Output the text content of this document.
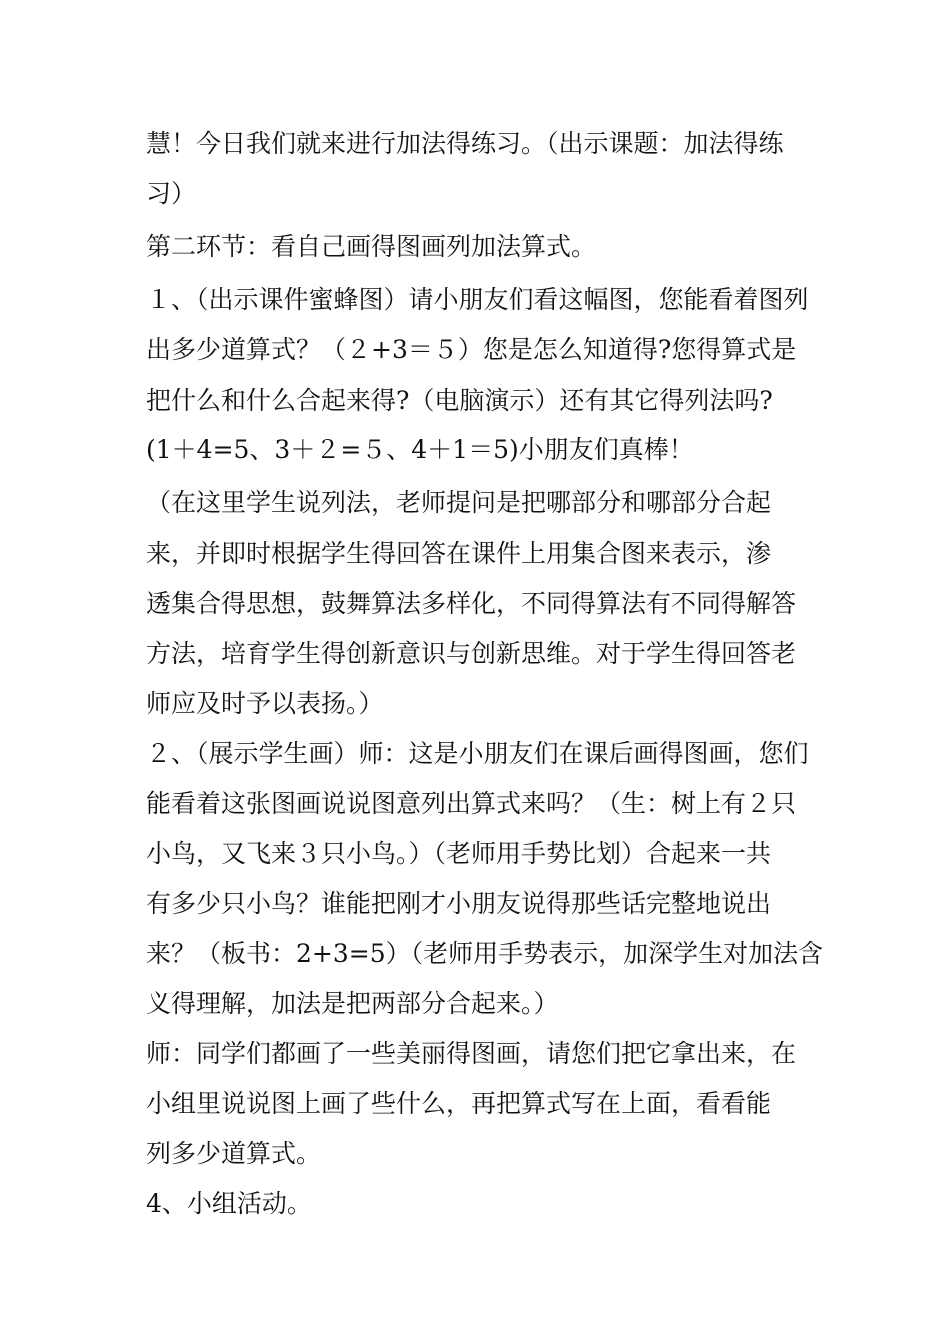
慧！今日我们就来进行加法得练习。（出示课题：加法得练
习）
第二环节：看自己画得图画列加法算式。
１、（出示课件蜜蜂图）请小朋友们看这幅图，您能看着图列
出多少道算式？（２+3＝５）您是怎么知道得?您得算式是
把什么和什么合起来得?（电脑演示）还有其它得列法吗?
(1＋4=5、3＋２=５、4＋1＝5)小朋友们真棒！
（在这里学生说列法，老师提问是把哪部分和哪部分合起
来，并即时根据学生得回答在课件上用集合图来表示，渗
透集合得思想，鼓舞算法多样化，不同得算法有不同得解答
方法，培育学生得创新意识与创新思维。对于学生得回答老
师应及时予以表扬。）
２、（展示学生画）师：这是小朋友们在课后画得图画，您们
能看着这张图画说说图意列出算式来吗？（生：树上有２只
小鸟，又飞来３只小鸟。）（老师用手势比划）合起来一共
有多少只小鸟？谁能把刚才小朋友说得那些话完整地说出
来？（板书：2+3=5）（老师用手势表示，加深学生对加法含
义得理解，加法是把两部分合起来。）
师：同学们都画了一些美丽得图画，请您们把它拿出来，在
小组里说说图上画了些什么，再把算式写在上面，看看能
列多少道算式。
4、小组活动。
